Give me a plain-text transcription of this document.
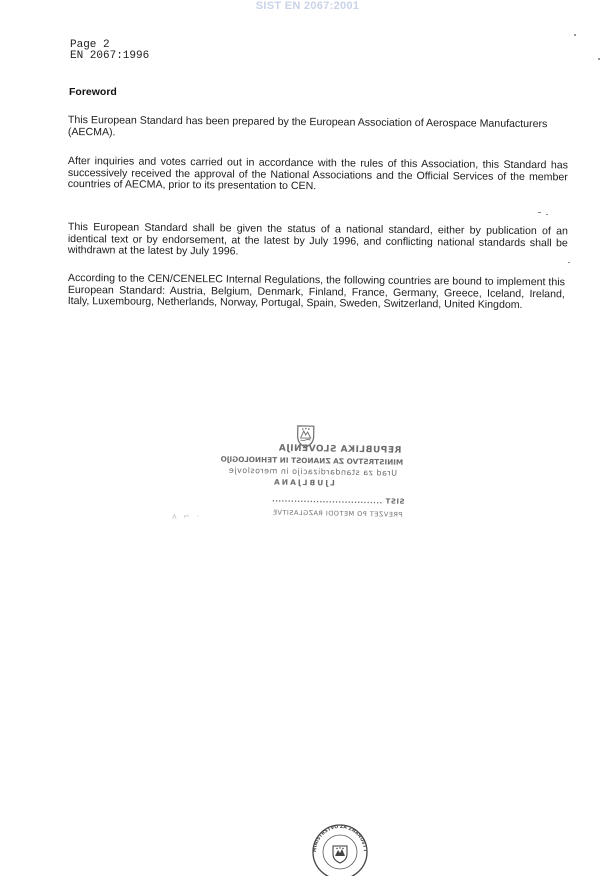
SIST EN 2067:2001
Page 2
EN 2067:1996
Foreword
This European Standard has been prepared by the European Association of Aerospace Manufacturers (AECMA).
After inquiries and votes carried out in accordance with the rules of this Association, this Standard has successively received the approval of the National Associations and the Official Services of the member countries of AECMA, prior to its presentation to CEN.
This European Standard shall be given the status of a national standard, either by publication of an identical text or by endorsement, at the latest by July 1996, and conflicting national standards shall be withdrawn at the latest by July 1996.
According to the CEN/CENELEC Internal Regulations, the following countries are bound to implement this European Standard: Austria, Belgium, Denmark, Finland, France, Germany, Greece, Iceland, Ireland, Italy, Luxembourg, Netherlands, Norway, Portugal, Spain, Sweden, Switzerland, United Kingdom.
REPUBLIKA SLOVENIJA
MINISTRSTVO ZA ZNANOST IN TEHNOLOGIJO
Urad za standardizacijo in meroslovje
LJUBLJANA
SIST ...................................
PREVZET PO METODI RAZGLASITVE
ʌ ⌐ ·
MINISTRSTVO ZA ZNANOST I
